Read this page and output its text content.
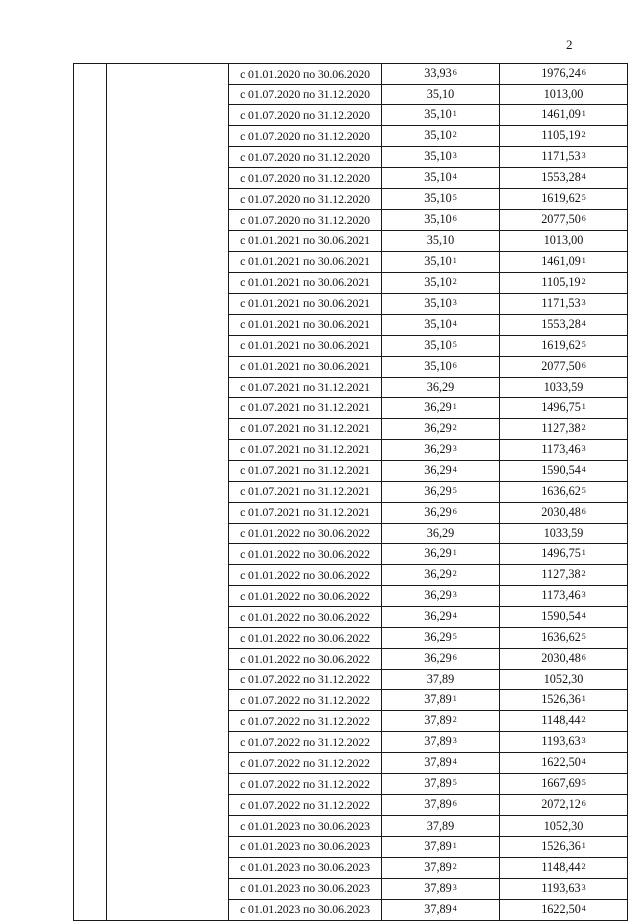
2
		с 01.01.2020 по 30.06.2020	33,93$^6$	1976,24$^6$
		с 01.07.2020 по 31.12.2020	35,10	1013,00
		с 01.07.2020 по 31.12.2020	35,10$^1$	1461,09$^1$
		с 01.07.2020 по 31.12.2020	35,10$^2$	1105,19$^2$
		с 01.07.2020 по 31.12.2020	35,10$^3$	1171,53$^3$
		с 01.07.2020 по 31.12.2020	35,10$^4$	1553,28$^4$
		с 01.07.2020 по 31.12.2020	35,10$^5$	1619,62$^5$
		с 01.07.2020 по 31.12.2020	35,10$^6$	2077,50$^6$
		с 01.01.2021 по 30.06.2021	35,10	1013,00
		с 01.01.2021 по 30.06.2021	35,10$^1$	1461,09$^1$
		с 01.01.2021 по 30.06.2021	35,10$^2$	1105,19$^2$
		с 01.01.2021 по 30.06.2021	35,10$^3$	1171,53$^3$
		с 01.01.2021 по 30.06.2021	35,10$^4$	1553,28$^4$
		с 01.01.2021 по 30.06.2021	35,10$^5$	1619,62$^5$
		с 01.01.2021 по 30.06.2021	35,10$^6$	2077,50$^6$
		с 01.07.2021 по 31.12.2021	36,29	1033,59
		с 01.07.2021 по 31.12.2021	36,29$^1$	1496,75$^1$
		с 01.07.2021 по 31.12.2021	36,29$^2$	1127,38$^2$
		с 01.07.2021 по 31.12.2021	36,29$^3$	1173,46$^3$
		с 01.07.2021 по 31.12.2021	36,29$^4$	1590,54$^4$
		с 01.07.2021 по 31.12.2021	36,29$^5$	1636,62$^5$
		с 01.07.2021 по 31.12.2021	36,29$^6$	2030,48$^6$
		с 01.01.2022 по 30.06.2022	36,29	1033,59
		с 01.01.2022 по 30.06.2022	36,29$^1$	1496,75$^1$
		с 01.01.2022 по 30.06.2022	36,29$^2$	1127,38$^2$
		с 01.01.2022 по 30.06.2022	36,29$^3$	1173,46$^3$
		с 01.01.2022 по 30.06.2022	36,29$^4$	1590,54$^4$
		с 01.01.2022 по 30.06.2022	36,29$^5$	1636,62$^5$
		с 01.01.2022 по 30.06.2022	36,29$^6$	2030,48$^6$
		с 01.07.2022 по 31.12.2022	37,89	1052,30
		с 01.07.2022 по 31.12.2022	37,89$^1$	1526,36$^1$
		с 01.07.2022 по 31.12.2022	37,89$^2$	1148,44$^2$
		с 01.07.2022 по 31.12.2022	37,89$^3$	1193,63$^3$
		с 01.07.2022 по 31.12.2022	37,89$^4$	1622,50$^4$
		с 01.07.2022 по 31.12.2022	37,89$^5$	1667,69$^5$
		с 01.07.2022 по 31.12.2022	37,89$^6$	2072,12$^6$
		с 01.01.2023 по 30.06.2023	37,89	1052,30
		с 01.01.2023 по 30.06.2023	37,89$^1$	1526,36$^1$
		с 01.01.2023 по 30.06.2023	37,89$^2$	1148,44$^2$
		с 01.01.2023 по 30.06.2023	37,89$^3$	1193,63$^3$
		с 01.01.2023 по 30.06.2023	37,89$^4$	1622,50$^4$
